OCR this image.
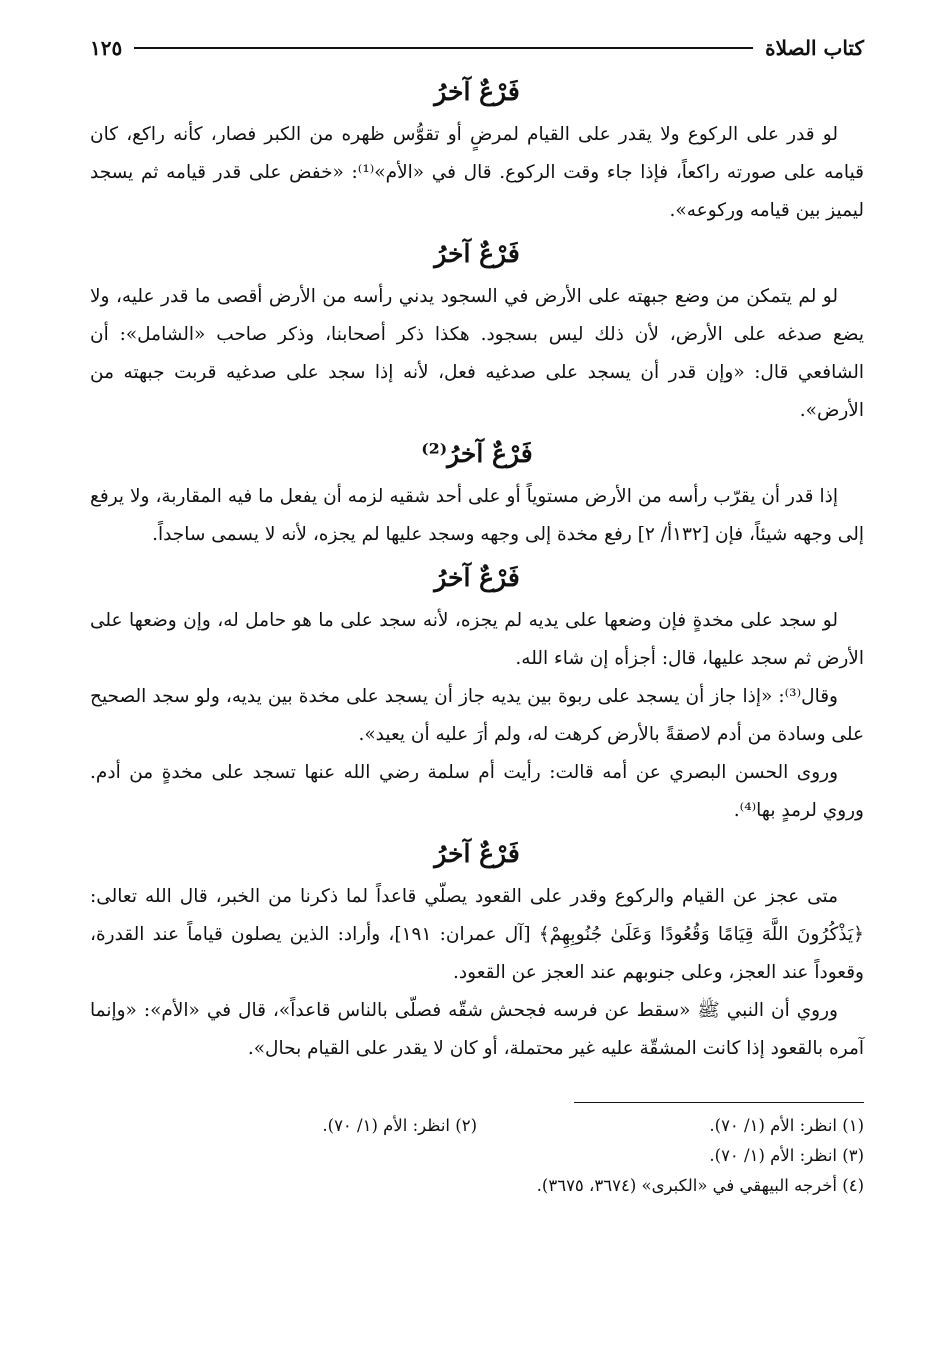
كتاب الصلاة
١٢٥
فَرْعٌ آخرُ

لو قدر على الركوع ولا يقدر على القيام لمرضٍ أو تقوُّس ظهره من الكبر فصار، كأنه راكع، كان قيامه على صورته راكعاً، فإذا جاء وقت الركوع. قال في «الأم»⁽¹⁾: «خفض على قدر قيامه ثم يسجد ليميز بين قيامه وركوعه».

فَرْعٌ آخرُ

لو لم يتمكن من وضع جبهته على الأرض في السجود يدني رأسه من الأرض أقصى ما قدر عليه، ولا يضع صدغه على الأرض، لأن ذلك ليس بسجود. هكذا ذكر أصحابنا، وذكر صاحب «الشامل»: أن الشافعي قال: «وإن قدر أن يسجد على صدغيه فعل، لأنه إذا سجد على صدغيه قربت جبهته من الأرض».

فَرْعٌ آخرُ⁽²⁾

إذا قدر أن يقرّب رأسه من الأرض مستوياً أو على أحد شقيه لزمه أن يفعل ما فيه المقاربة، ولا يرفع إلى وجهه شيئاً، فإن [١٣٢أ/ ٢] رفع مخدة إلى وجهه وسجد عليها لم يجزه، لأنه لا يسمى ساجداً.

فَرْعٌ آخرُ

لو سجد على مخدةٍ فإن وضعها على يديه لم يجزه، لأنه سجد على ما هو حامل له، وإن وضعها على الأرض ثم سجد عليها، قال: أجزأه إن شاء الله.

وقال⁽³⁾: «إذا جاز أن يسجد على ربوة بين يديه جاز أن يسجد على مخدة بين يديه، ولو سجد الصحيح على وسادة من أدم لاصقةً بالأرض كرهت له، ولم أرَ عليه أن يعيد».

وروى الحسن البصري عن أمه قالت: رأيت أم سلمة رضي الله عنها تسجد على مخدةٍ من أدم. وروي لرمدٍ بها⁽⁴⁾.

فَرْعٌ آخرُ

متى عجز عن القيام والركوع وقدر على القعود يصلّي قاعداً لما ذكرنا من الخبر، قال الله تعالى: ﴿يَذْكُرُونَ اللَّهَ قِيَامًا وَقُعُودًا وَعَلَىٰ جُنُوبِهِمْ﴾ [آل عمران: ١٩١]، وأراد: الذين يصلون قياماً عند القدرة، وقعوداً عند العجز، وعلى جنوبهم عند العجز عن القعود.

وروي أن النبي ﷺ «سقط عن فرسه فجحش شقّه فصلّى بالناس قاعداً»، قال في «الأم»: «وإنما آمره بالقعود إذا كانت المشقّة عليه غير محتملة، أو كان لا يقدر على القيام بحال».

(١) انظر: الأم (١/ ٧٠).
(٢) انظر: الأم (١/ ٧٠).
(٣) انظر: الأم (١/ ٧٠).
(٤) أخرجه البيهقي في «الكبرى» (٣٦٧٤، ٣٦٧٥).
